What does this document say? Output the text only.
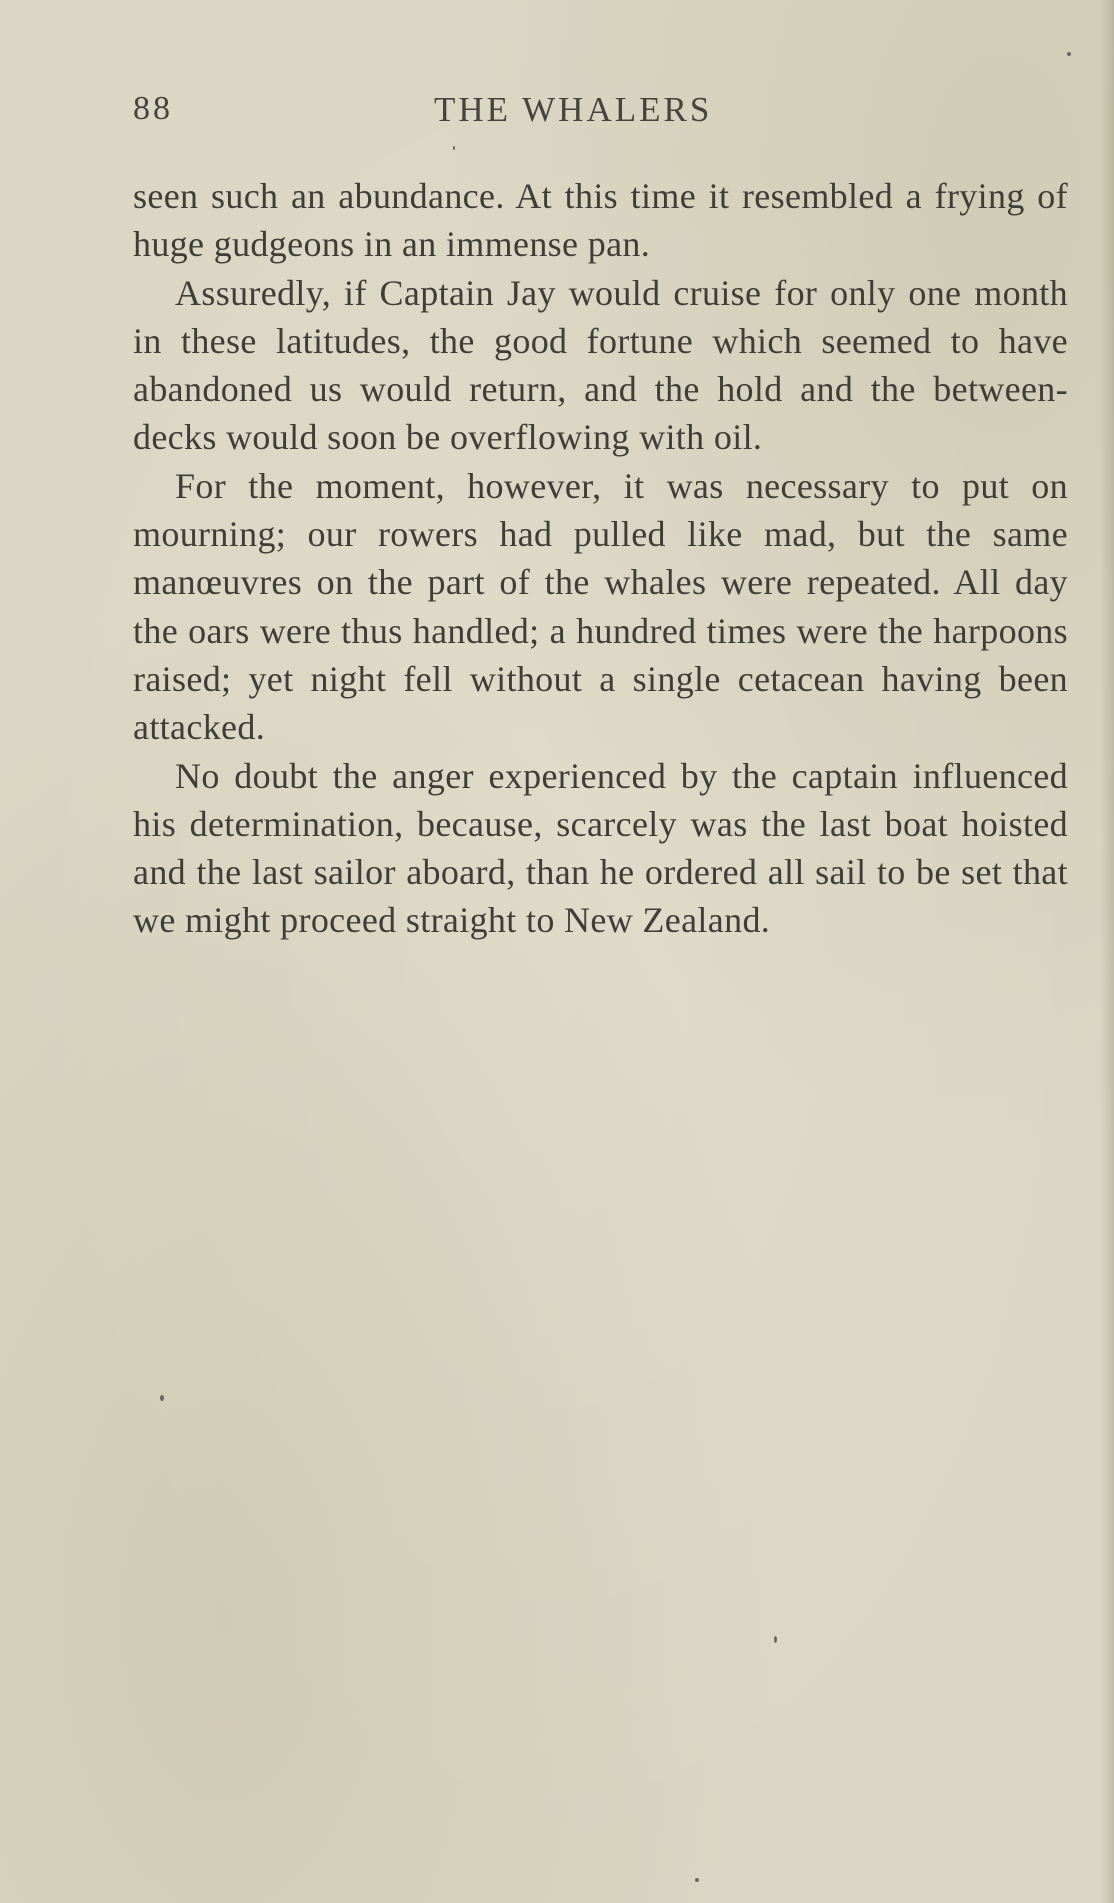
88	THE WHALERS

seen such an abundance. At this time it resembled a frying of huge gudgeons in an immense pan.

Assuredly, if Captain Jay would cruise for only one month in these latitudes, the good fortune which seemed to have abandoned us would return, and the hold and the between-decks would soon be overflowing with oil.

For the moment, however, it was necessary to put on mourning; our rowers had pulled like mad, but the same manœuvres on the part of the whales were repeated. All day the oars were thus handled; a hundred times were the harpoons raised; yet night fell without a single cetacean having been attacked.

No doubt the anger experienced by the captain influenced his determination, because, scarcely was the last boat hoisted and the last sailor aboard, than he ordered all sail to be set that we might proceed straight to New Zealand.
